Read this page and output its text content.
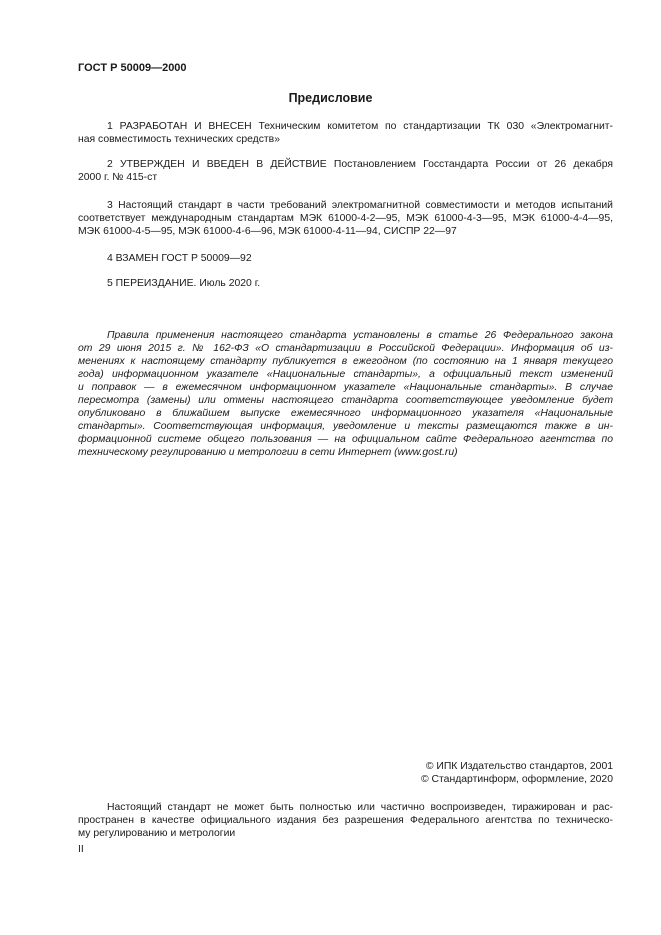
ГОСТ Р 50009—2000
Предисловие
1 РАЗРАБОТАН И ВНЕСЕН Техническим комитетом по стандартизации ТК 030 «Электромагнит-
ная совместимость технических средств»
2 УТВЕРЖДЕН И ВВЕДЕН В ДЕЙСТВИЕ Постановлением Госстандарта России от 26 декабря
2000 г. № 415-ст
3 Настоящий стандарт в части требований электромагнитной совместимости и методов испытаний
соответствует международным стандартам МЭК 61000-4-2—95, МЭК 61000-4-3—95, МЭК 61000-4-4—95,
МЭК 61000-4-5—95, МЭК 61000-4-6—96, МЭК 61000-4-11—94, СИСПР 22—97
4 ВЗАМЕН ГОСТ Р 50009—92
5 ПЕРЕИЗДАНИЕ. Июль 2020 г.
Правила применения настоящего стандарта установлены в статье 26 Федерального закона
от 29 июня 2015 г. № 162-ФЗ «О стандартизации в Российской Федерации». Информация об из-
менениях к настоящему стандарту публикуется в ежегодном (по состоянию на 1 января текущего
года) информационном указателе «Национальные стандарты», а официальный текст изменений
и поправок — в ежемесячном информационном указателе «Национальные стандарты». В случае
пересмотра (замены) или отмены настоящего стандарта соответствующее уведомление будет
опубликовано в ближайшем выпуске ежемесячного информационного указателя «Национальные
стандарты». Соответствующая информация, уведомление и тексты размещаются также в ин-
формационной системе общего пользования — на официальном сайте Федерального агентства по
техническому регулированию и метрологии в сети Интернет (www.gost.ru)
© ИПК Издательство стандартов, 2001
© Стандартинформ, оформление, 2020
Настоящий стандарт не может быть полностью или частично воспроизведен, тиражирован и рас-
пространен в качестве официального издания без разрешения Федерального агентства по техническо-
му регулированию и метрологии
II
